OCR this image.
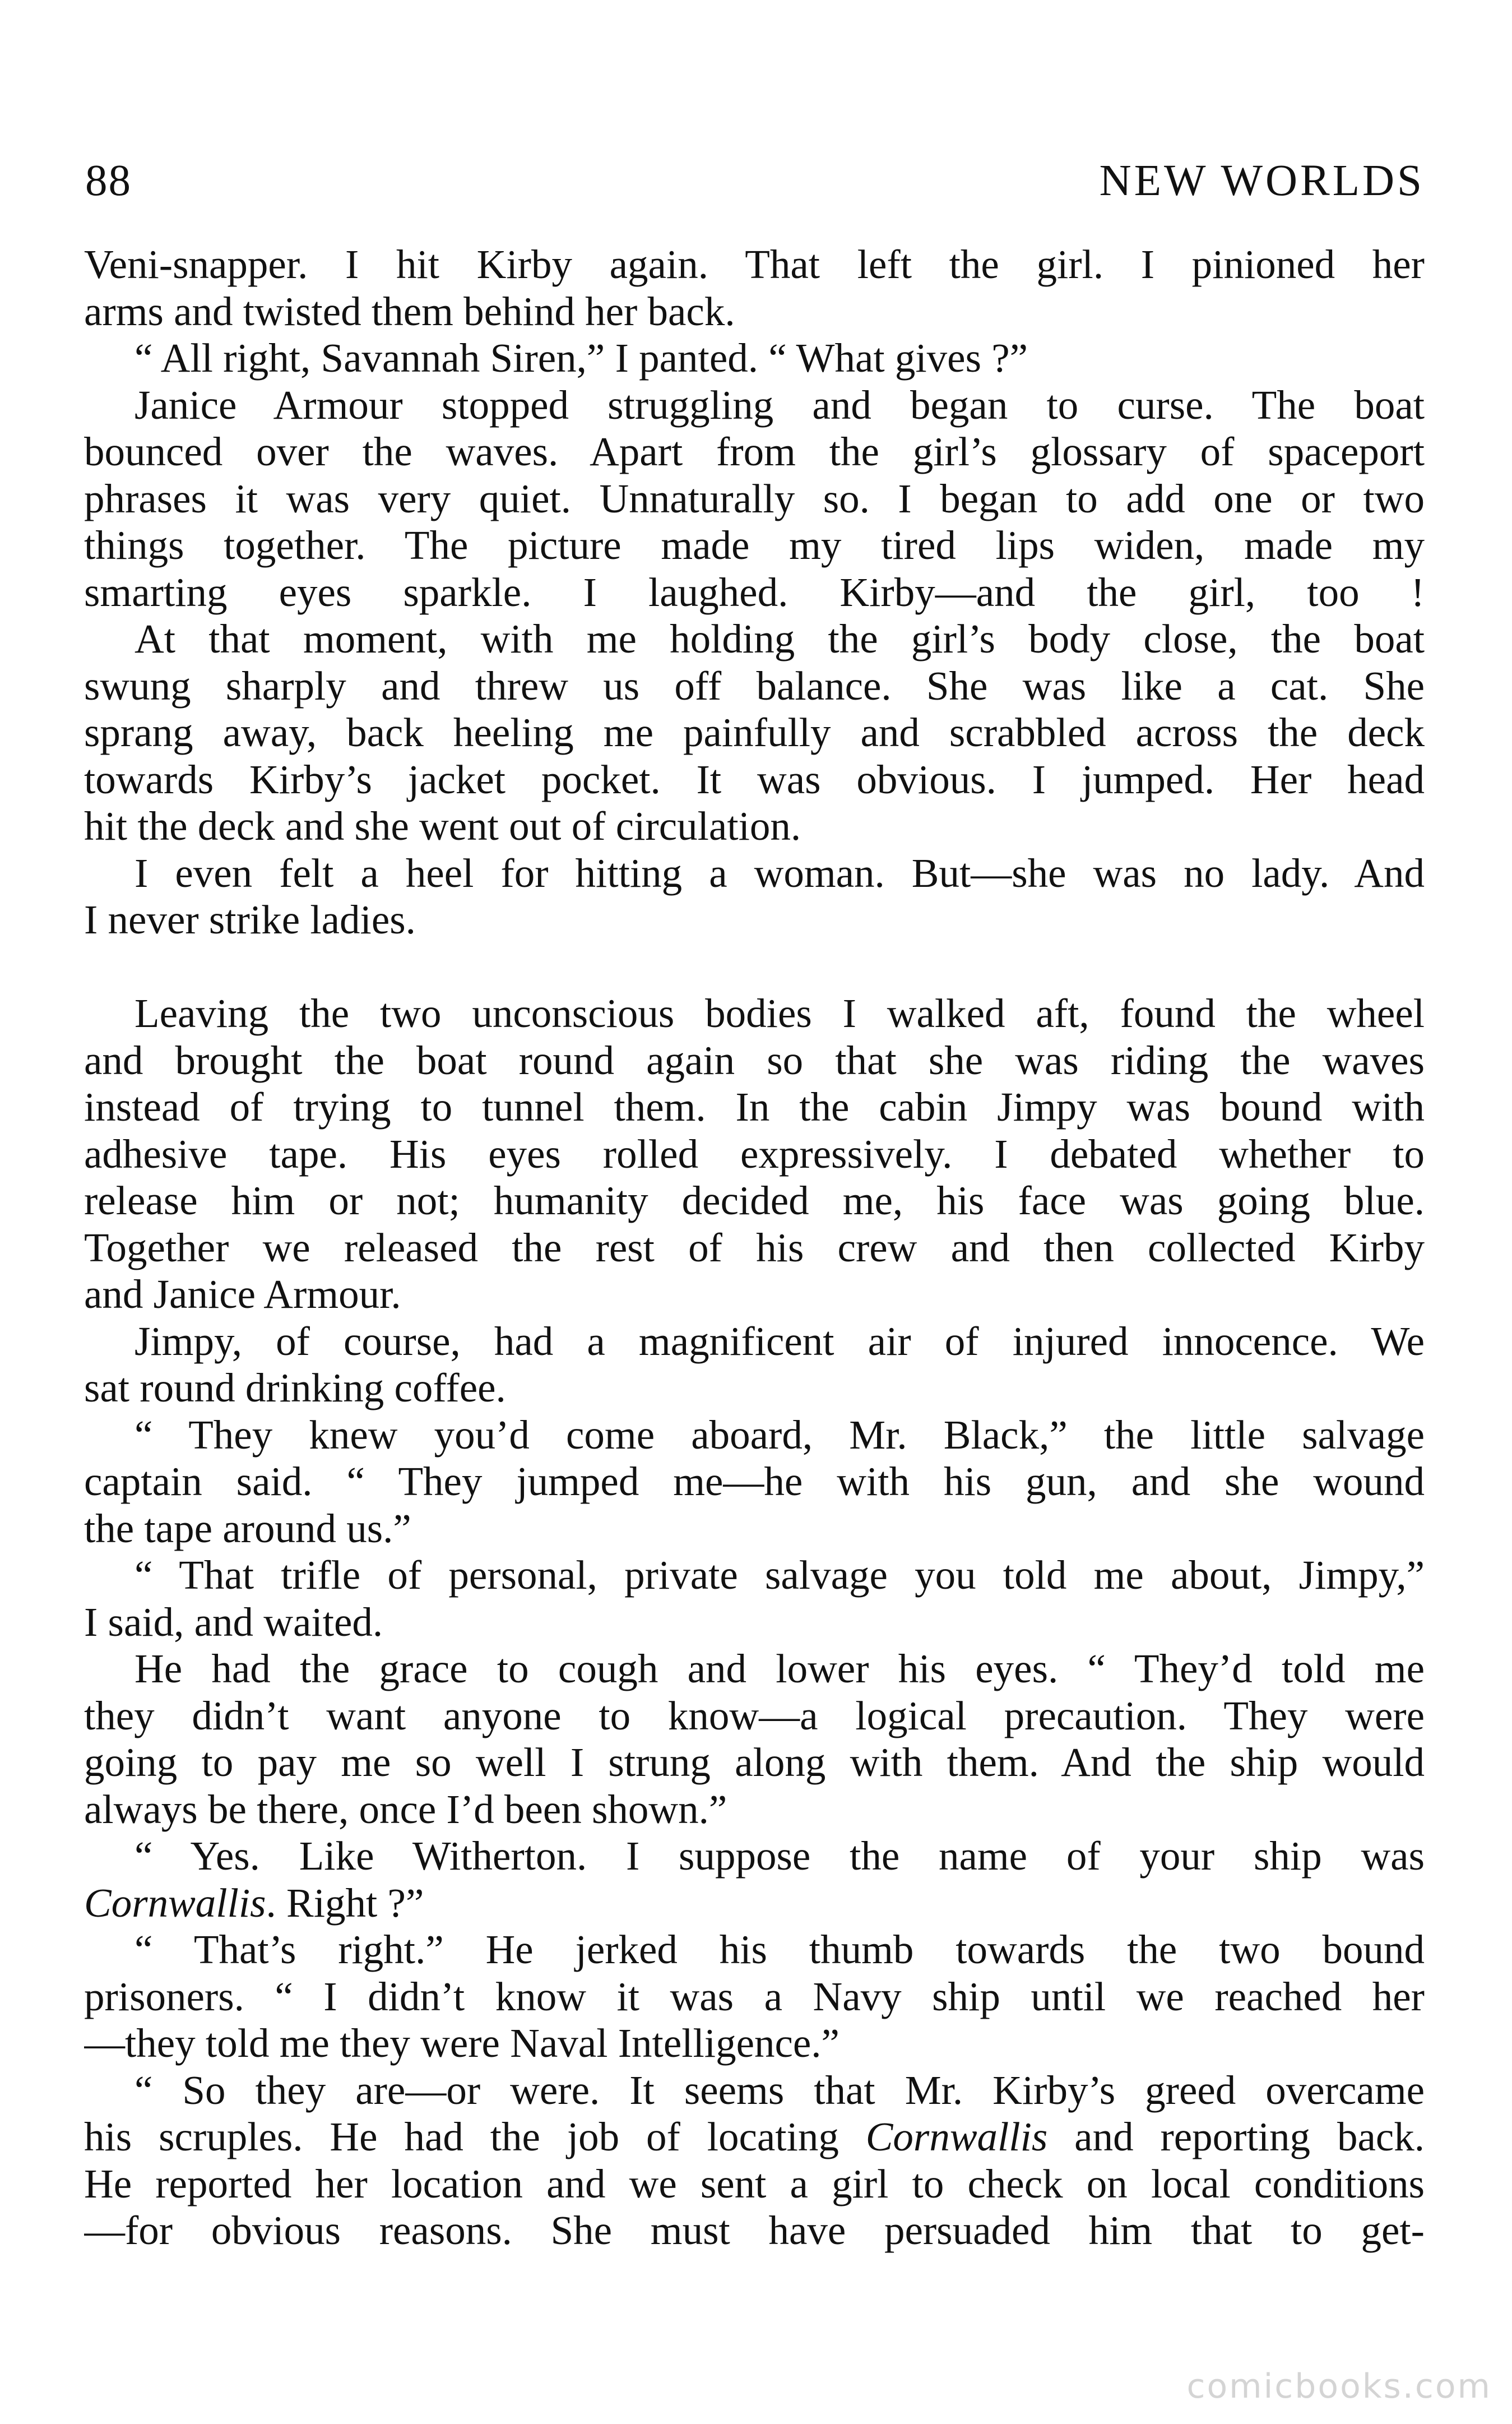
88	NEW WORLDS
Veni-snapper. I hit Kirby again. That left the girl. I pinioned her
arms and twisted them behind her back.
“ All right, Savannah Siren,” I panted. “ What gives ?”
Janice Armour stopped struggling and began to curse. The boat
bounced over the waves. Apart from the girl’s glossary of spaceport
phrases it was very quiet. Unnaturally so. I began to add one or two
things together. The picture made my tired lips widen, made my
smarting eyes sparkle. I laughed. Kirby—and the girl, too !
At that moment, with me holding the girl’s body close, the boat
swung sharply and threw us off balance. She was like a cat. She
sprang away, back heeling me painfully and scrabbled across the deck
towards Kirby’s jacket pocket. It was obvious. I jumped. Her head
hit the deck and she went out of circulation.
I even felt a heel for hitting a woman. But—she was no lady. And
I never strike ladies.
Leaving the two unconscious bodies I walked aft, found the wheel
and brought the boat round again so that she was riding the waves
instead of trying to tunnel them. In the cabin Jimpy was bound with
adhesive tape. His eyes rolled expressively. I debated whether to
release him or not; humanity decided me, his face was going blue.
Together we released the rest of his crew and then collected Kirby
and Janice Armour.
Jimpy, of course, had a magnificent air of injured innocence. We
sat round drinking coffee.
“ They knew you’d come aboard, Mr. Black,” the little salvage
captain said. “ They jumped me—he with his gun, and she wound
the tape around us.”
“ That trifle of personal, private salvage you told me about, Jimpy,”
I said, and waited.
He had the grace to cough and lower his eyes. “ They’d told me
they didn’t want anyone to know—a logical precaution. They were
going to pay me so well I strung along with them. And the ship would
always be there, once I’d been shown.”
“ Yes. Like Witherton. I suppose the name of your ship was
Cornwallis. Right ?”
“ That’s right.” He jerked his thumb towards the two bound
prisoners. “ I didn’t know it was a Navy ship until we reached her
—they told me they were Naval Intelligence.”
“ So they are—or were. It seems that Mr. Kirby’s greed overcame
his scruples. He had the job of locating Cornwallis and reporting back.
He reported her location and we sent a girl to check on local conditions
—for obvious reasons. She must have persuaded him that to get-
comicbooks.com
